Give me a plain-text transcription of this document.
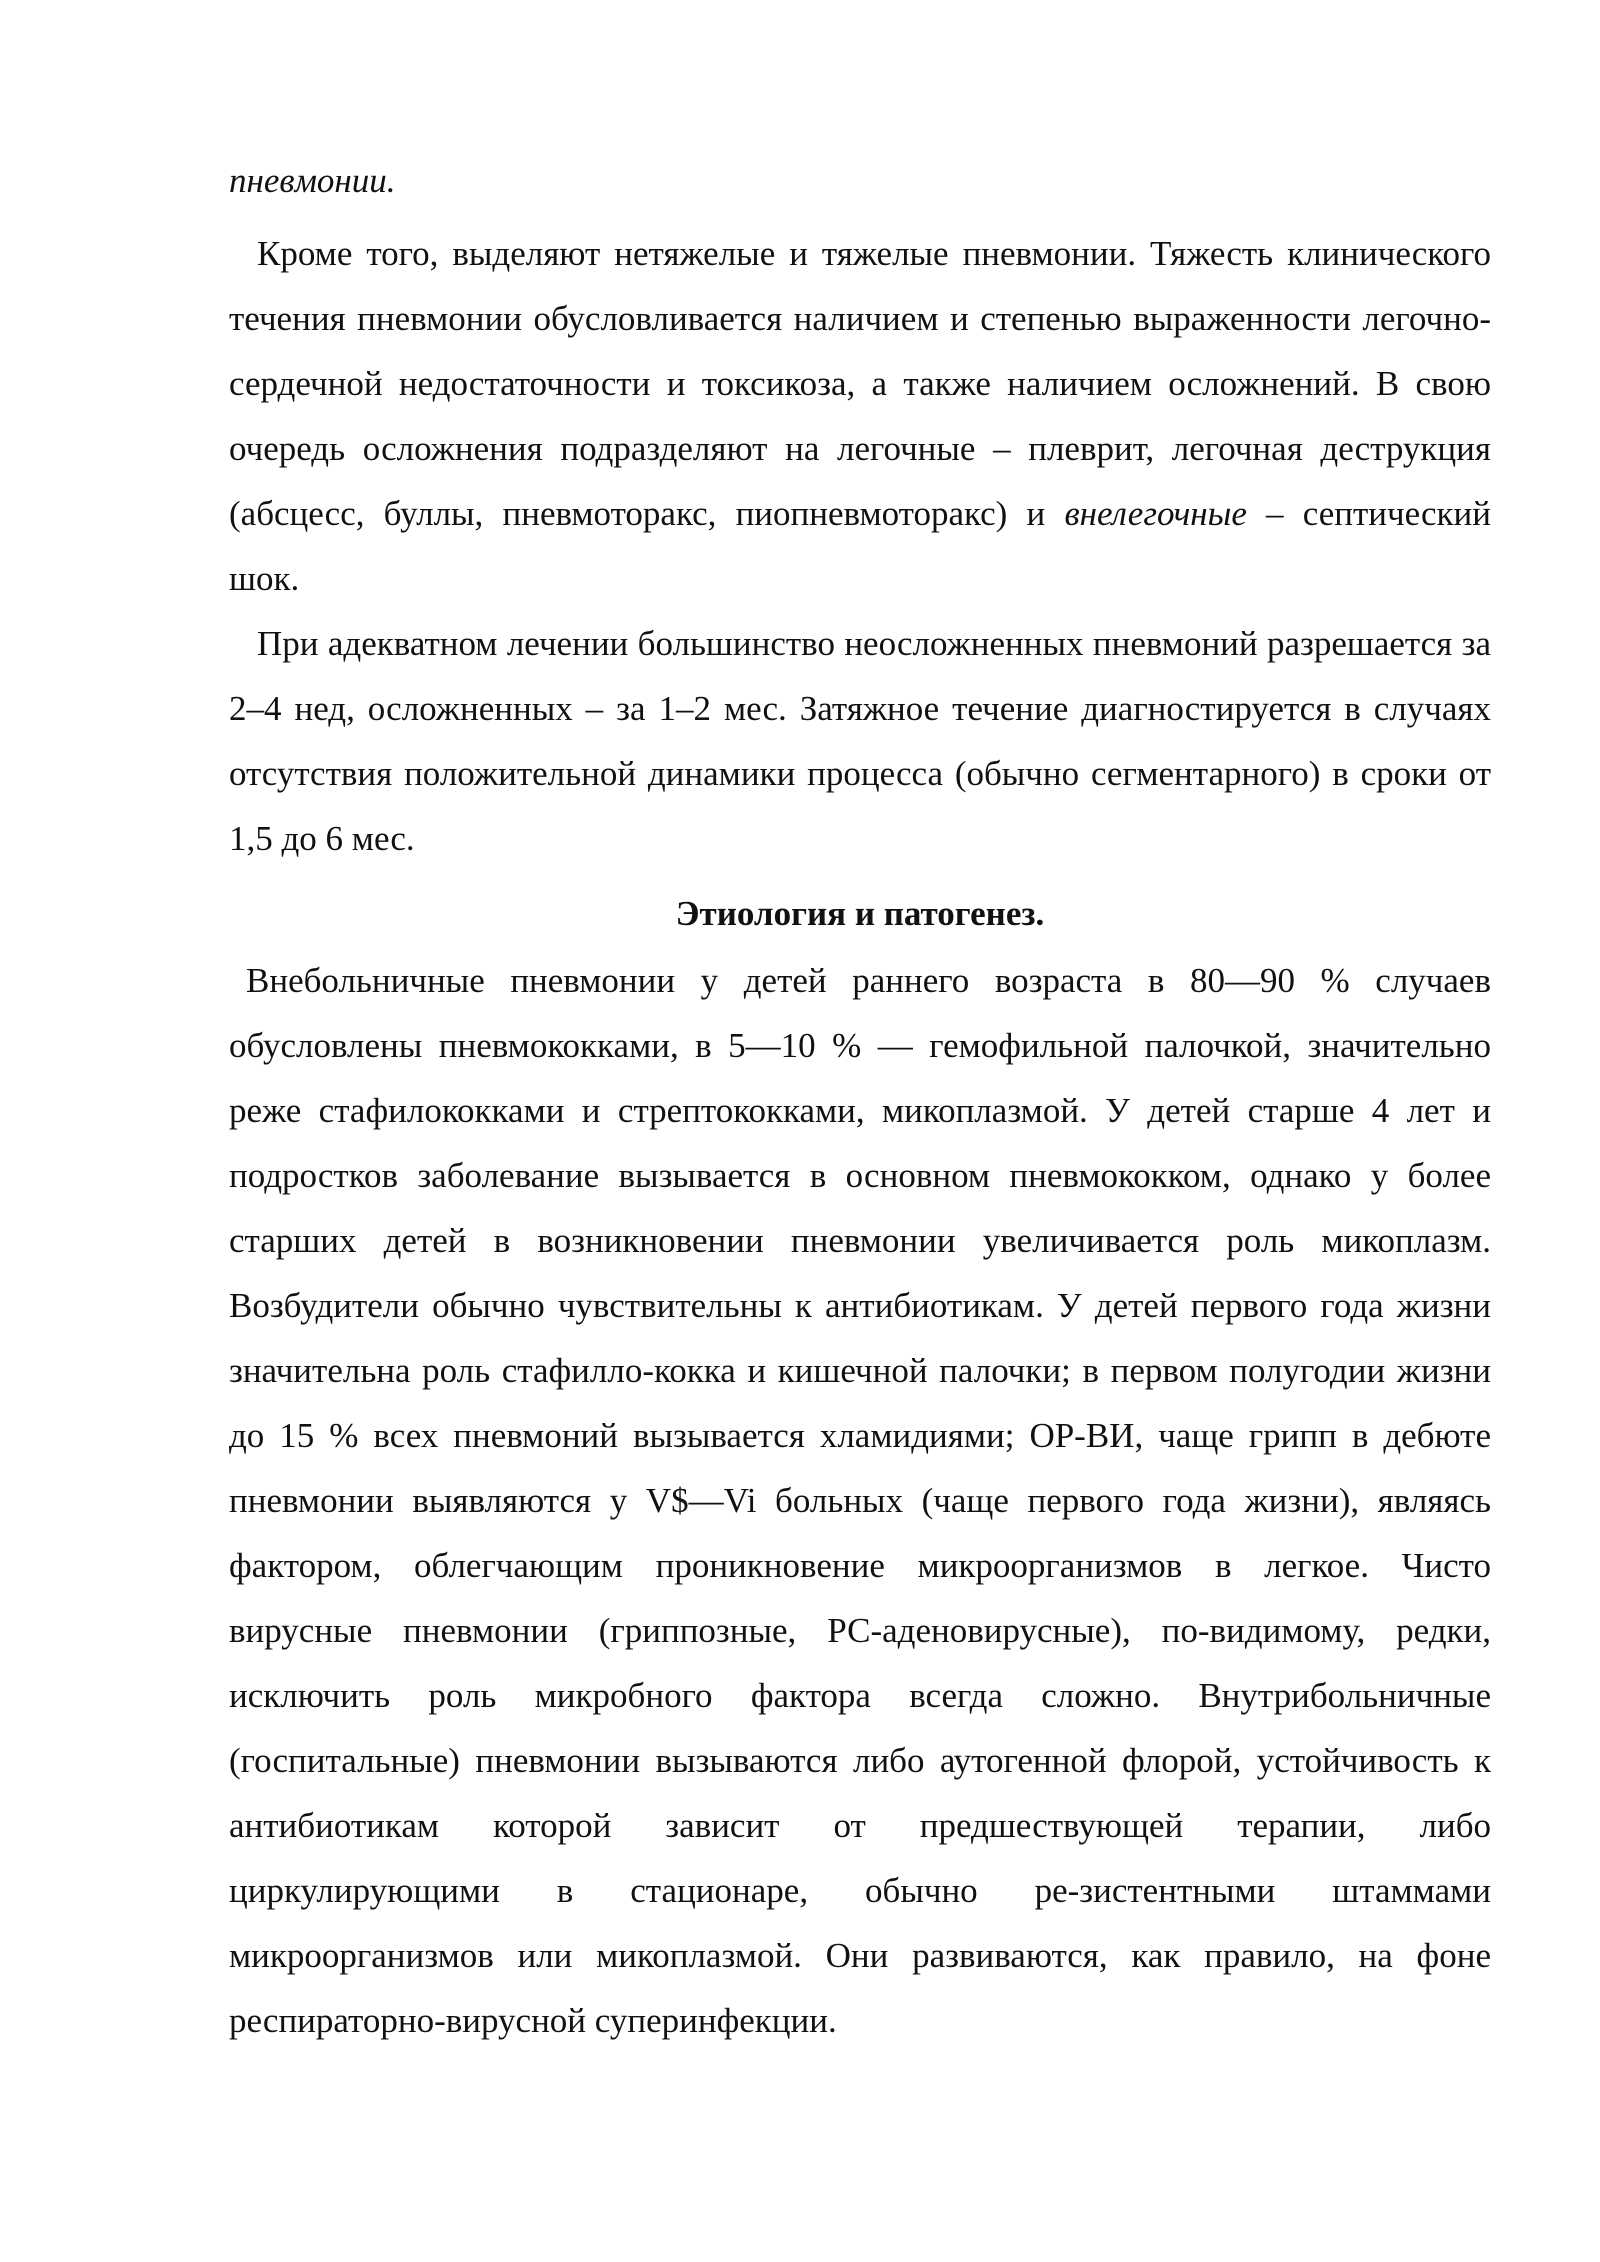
пневмонии.

Кроме того, выделяют нетяжелые и тяжелые пневмонии. Тяжесть клинического течения пневмонии обусловливается наличием и степенью выраженности легочно-сердечной недостаточности и токсикоза, а также наличием осложнений. В свою очередь осложнения подразделяют на легочные – плеврит, легочная деструкция (абсцесс, буллы, пневмоторакс, пиопневмоторакс) и внелегочные – септический шок.

При адекватном лечении большинство неосложненных пневмоний разрешается за 2–4 нед, осложненных – за 1–2 мес. Затяжное течение диагностируется в случаях отсутствия положительной динамики процесса (обычно сегментарного) в сроки от 1,5 до 6 мес.

Этиология и патогенез.

Внебольничные пневмонии у детей раннего возраста в 80—90 % случаев обусловлены пневмококками, в 5—10 % — гемофильной палочкой, значительно реже стафилококками и стрептококками, микоплазмой. У детей старше 4 лет и подростков заболевание вызывается в основном пневмококком, однако у более старших детей в возникновении пневмонии увеличивается роль микоплазм. Возбудители обычно чувствительны к антибиотикам. У детей первого года жизни значительна роль стафилло-кокка и кишечной палочки; в первом полугодии жизни до 15 % всех пневмоний вызывается хламидиями; ОР-ВИ, чаще грипп в дебюте пневмонии выявляются у V$—Vi больных (чаще первого года жизни), являясь фактором, облегчающим проникновение микроорганизмов в легкое. Чисто вирусные пневмонии (гриппозные, РС-аденовирусные), по-видимому, редки, исключить роль микробного фактора всегда сложно. Внутрибольничные (госпитальные) пневмонии вызываются либо аутогенной флорой, устойчивость к антибиотикам которой зависит от предшествующей терапии, либо циркулирующими в стационаре, обычно ре-зистентными штаммами микроорганизмов или микоплазмой. Они развиваются, как правило, на фоне респираторно-вирусной суперинфекции.
